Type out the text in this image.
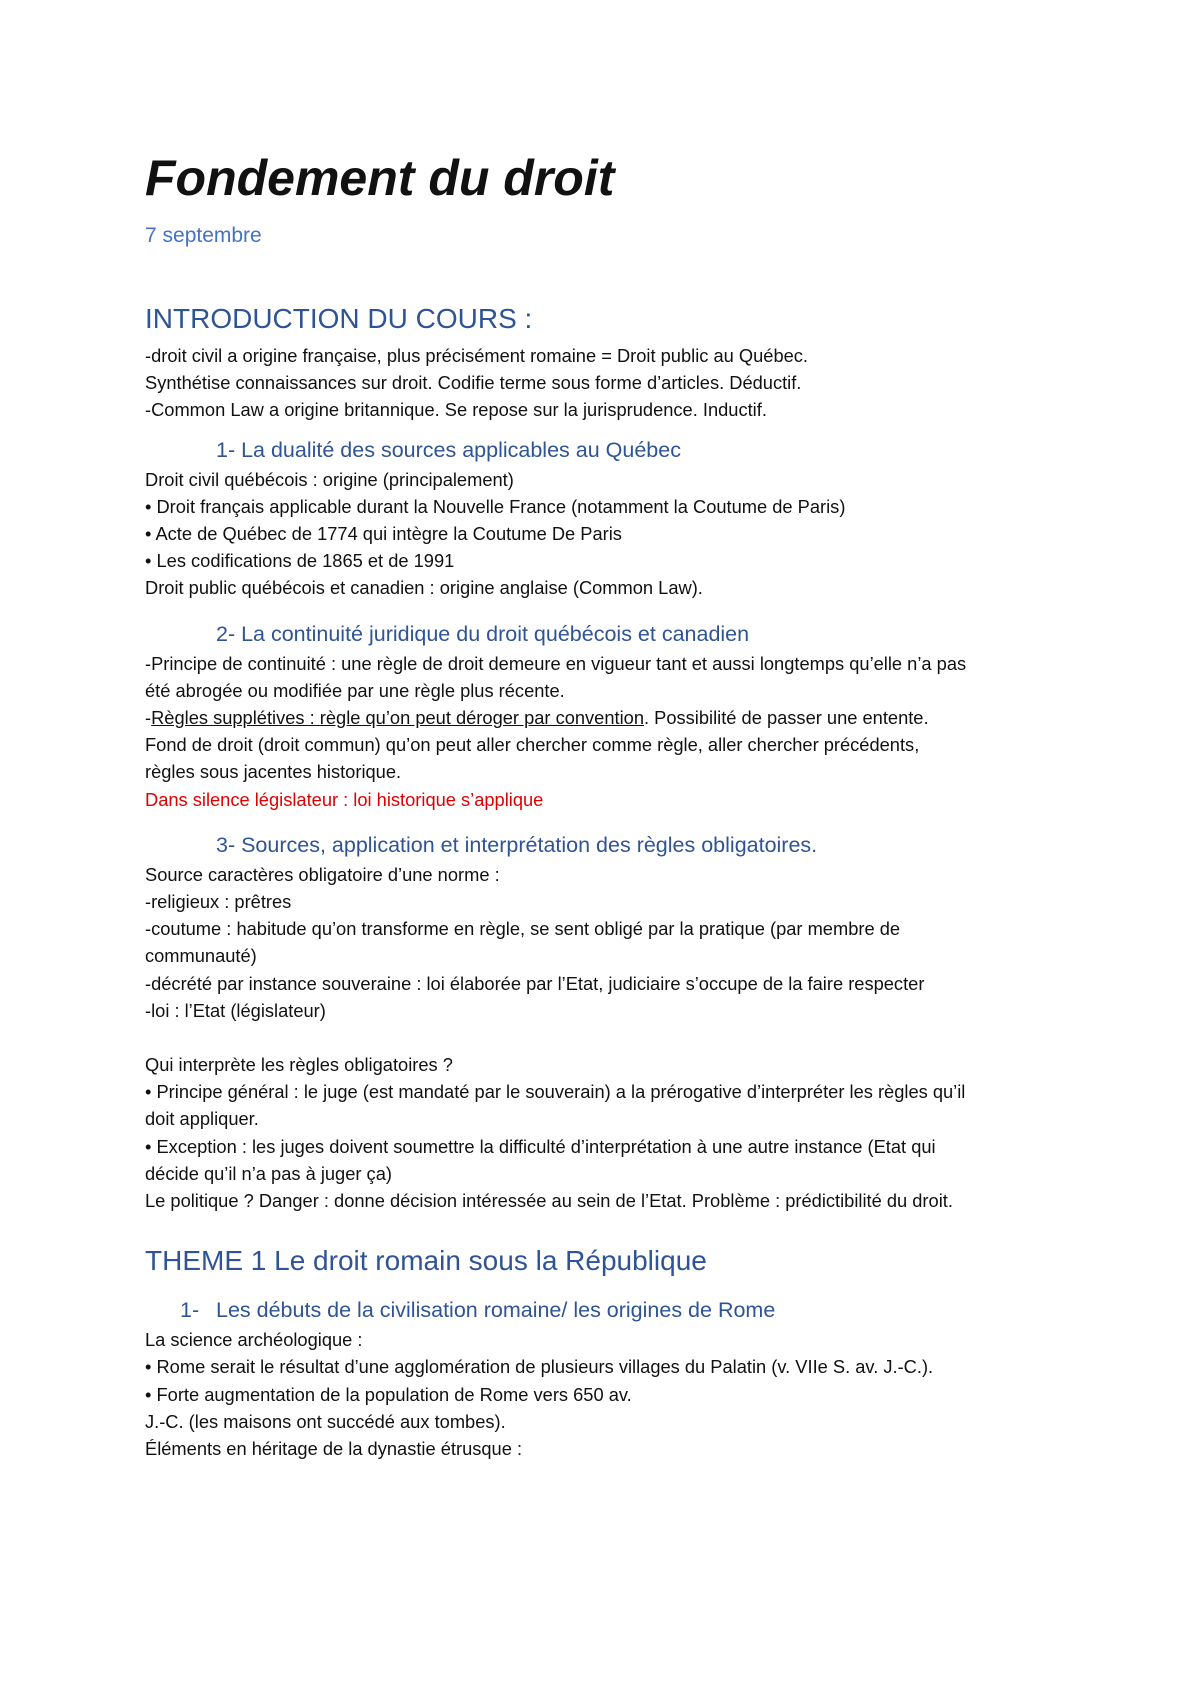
Fondement du droit
7 septembre
INTRODUCTION DU COURS :

-droit civil a origine française, plus précisément romaine = Droit public au Québec.

Synthétise connaissances sur droit. Codifie terme sous forme d’articles. Déductif.

-Common Law a origine britannique. Se repose sur la jurisprudence. Inductif.

1- La dualité des sources applicables au Québec

Droit civil québécois : origine (principalement)

• Droit français applicable durant la Nouvelle France (notamment la Coutume de Paris)

• Acte de Québec de 1774 qui intègre la Coutume De Paris

• Les codifications de 1865 et de 1991

Droit public québécois et canadien : origine anglaise (Common Law).

2- La continuité juridique du droit québécois et canadien

-Principe de continuité : une règle de droit demeure en vigueur tant et aussi longtemps qu’elle n’a pas

été abrogée ou modifiée par une règle plus récente.

-Règles supplétives : règle qu’on peut déroger par convention. Possibilité de passer une entente.

Fond de droit (droit commun) qu’on peut aller chercher comme règle, aller chercher précédents,

règles sous jacentes historique.

Dans silence législateur : loi historique s’applique

3- Sources, application et interprétation des règles obligatoires.

Source caractères obligatoire d’une norme :

-religieux : prêtres

-coutume : habitude qu’on transforme en règle, se sent obligé par la pratique (par membre de

communauté)

-décrété par instance souveraine : loi élaborée par l’Etat, judiciaire s’occupe de la faire respecter

-loi : l’Etat (législateur)

Qui interprète les règles obligatoires ?

• Principe général : le juge (est mandaté par le souverain) a la prérogative d’interpréter les règles qu’il

doit appliquer.

• Exception : les juges doivent soumettre la difficulté d’interprétation à une autre instance (Etat qui

décide qu’il n’a pas à juger ça)

Le politique ? Danger : donne décision intéressée au sein de l’Etat. Problème : prédictibilité du droit.

THEME 1 Le droit romain sous la République
1- Les débuts de la civilisation romaine/ les origines de Rome

La science archéologique :

• Rome serait le résultat d’une agglomération de plusieurs villages du Palatin (v. VIIe S. av. J.-C.).

• Forte augmentation de la population de Rome vers 650 av.

J.-C. (les maisons ont succédé aux tombes).

Éléments en héritage de la dynastie étrusque :
